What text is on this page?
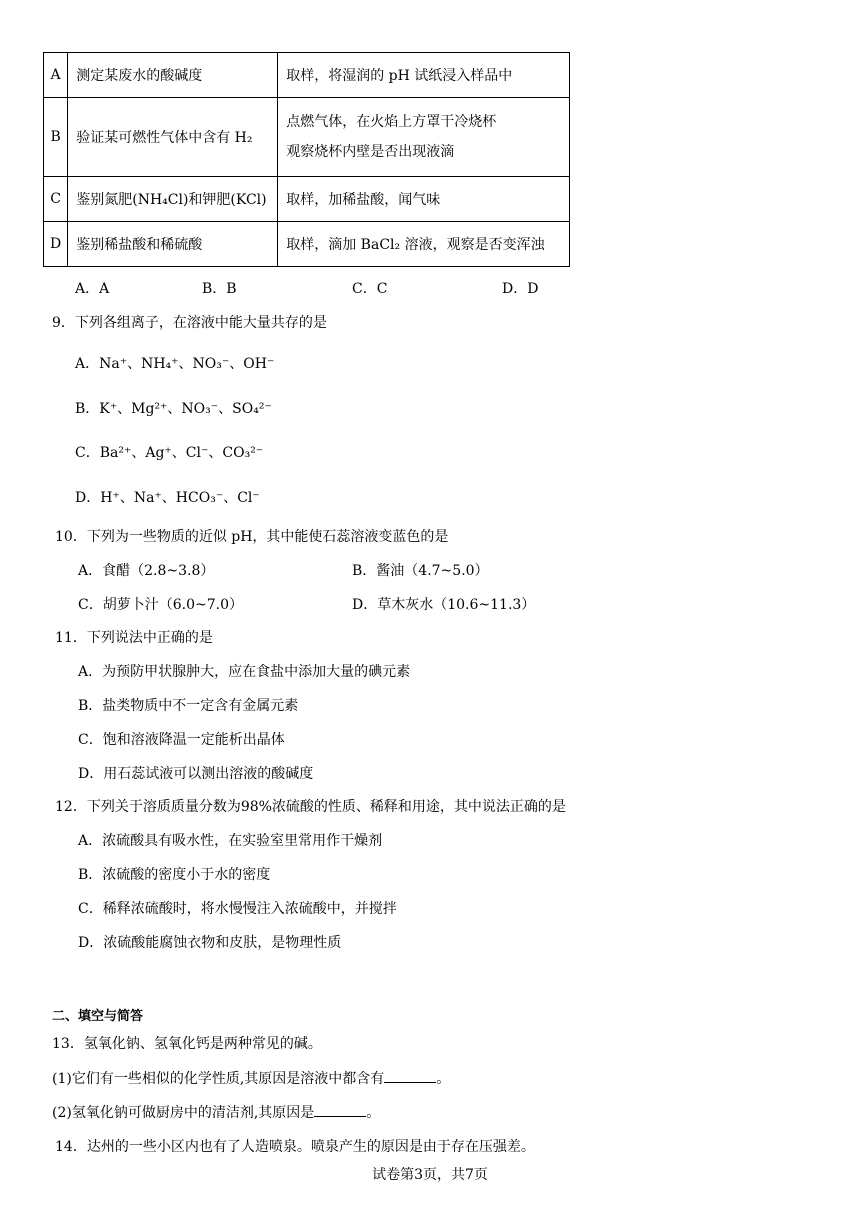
A	测定某废水的酸碱度	取样，将湿润的 pH 试纸浸入样品中
B	验证某可燃性气体中含有 H₂	点燃气体，在火焰上方罩干冷烧杯
观察烧杯内壁是否出现液滴

C	鉴别氮肥(NH₄Cl)和钾肥(KCl)	取样，加稀盐酸，闻气味
D	鉴别稀盐酸和稀硫酸	取样，滴加 BaCl₂ 溶液，观察是否变浑浊
A．A	B．B	C．C	D．D
9．下列各组离子，在溶液中能大量共存的是
A．Na⁺、NH₄⁺、NO₃⁻、OH⁻
B．K⁺、Mg²⁺、NO₃⁻、SO₄²⁻
C．Ba²⁺、Ag⁺、Cl⁻、CO₃²⁻
D．H⁺、Na⁺、HCO₃⁻、Cl⁻
10．下列为一些物质的近似 pH，其中能使石蕊溶液变蓝色的是
A．食醋（2.8~3.8）	B．酱油（4.7~5.0）
C．胡萝卜汁（6.0~7.0）	D．草木灰水（10.6~11.3）
11．下列说法中正确的是
A．为预防甲状腺肿大，应在食盐中添加大量的碘元素
B．盐类物质中不一定含有金属元素
C．饱和溶液降温一定能析出晶体
D．用石蕊试液可以测出溶液的酸碱度
12．下列关于溶质质量分数为98%浓硫酸的性质、稀释和用途，其中说法正确的是
A．浓硫酸具有吸水性，在实验室里常用作干燥剂
B．浓硫酸的密度小于水的密度
C．稀释浓硫酸时，将水慢慢注入浓硫酸中，并搅拌
D．浓硫酸能腐蚀衣物和皮肤，是物理性质
二、填空与简答
13．氢氧化钠、氢氧化钙是两种常见的碱。
(1)它们有一些相似的化学性质,其原因是溶液中都含有	。
(2)氢氧化钠可做厨房中的清洁剂,其原因是	。
14．达州的一些小区内也有了人造喷泉。喷泉产生的原因是由于存在压强差。
试卷第3页，共7页
